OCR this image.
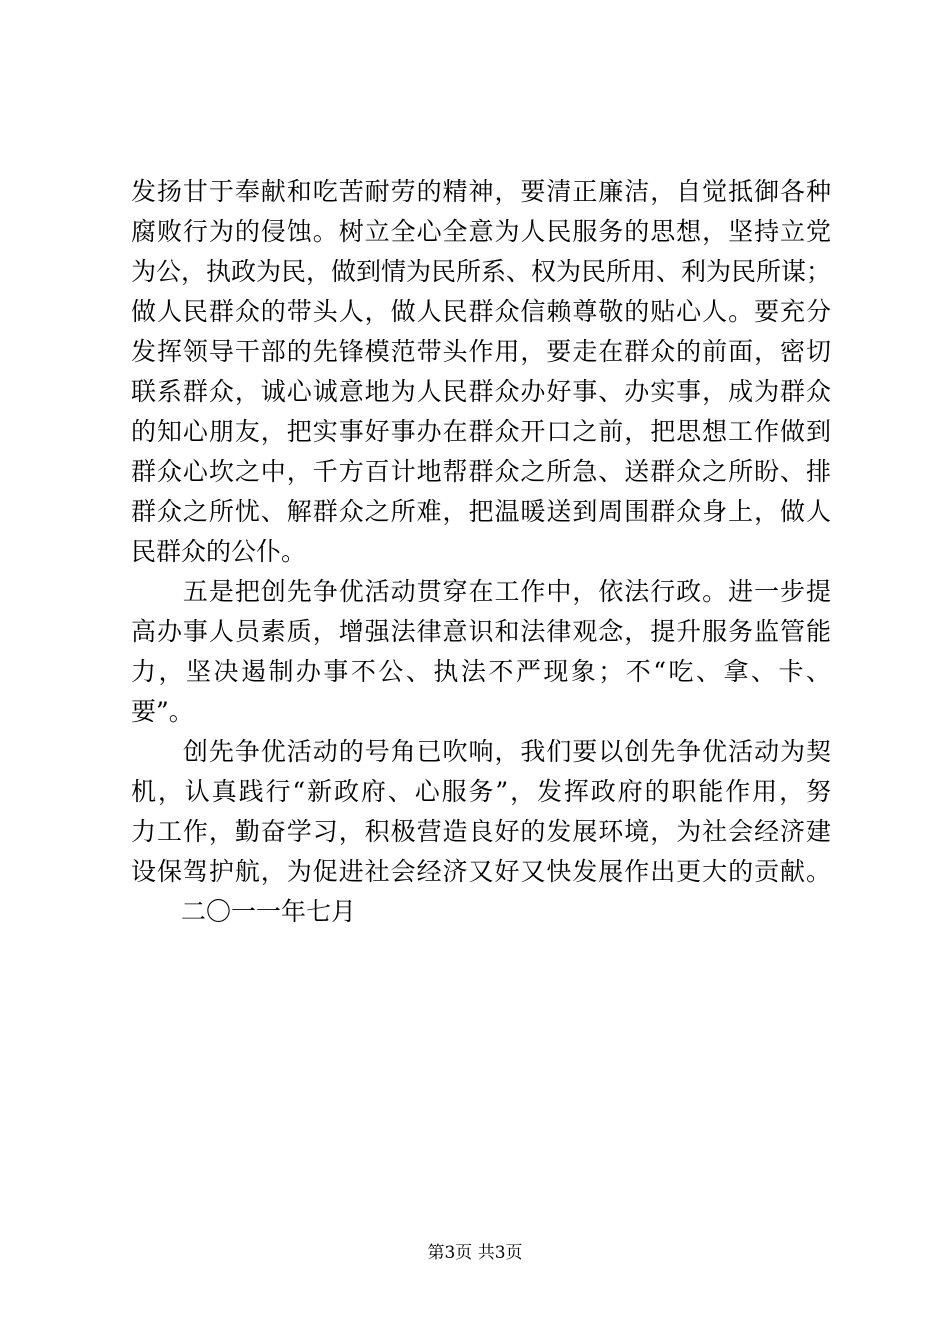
发扬甘于奉献和吃苦耐劳的精神，要清正廉洁，自觉抵御各种
腐败行为的侵蚀。树立全心全意为人民服务的思想，坚持立党
为公，执政为民，做到情为民所系、权为民所用、利为民所谋；
做人民群众的带头人，做人民群众信赖尊敬的贴心人。要充分
发挥领导干部的先锋模范带头作用，要走在群众的前面，密切
联系群众，诚心诚意地为人民群众办好事、办实事，成为群众
的知心朋友，把实事好事办在群众开口之前，把思想工作做到
群众心坎之中，千方百计地帮群众之所急、送群众之所盼、排
群众之所忧、解群众之所难，把温暖送到周围群众身上，做人
民群众的公仆。
　　五是把创先争优活动贯穿在工作中，依法行政。进一步提
高办事人员素质，增强法律意识和法律观念，提升服务监管能
力，坚决遏制办事不公、执法不严现象；不“吃、拿、卡、
要”。
　　创先争优活动的号角已吹响，我们要以创先争优活动为契
机，认真践行“新政府、心服务”，发挥政府的职能作用，努
力工作，勤奋学习，积极营造良好的发展环境，为社会经济建
设保驾护航，为促进社会经济又好又快发展作出更大的贡献。
　　二〇一一年七月
第3页 共3页
